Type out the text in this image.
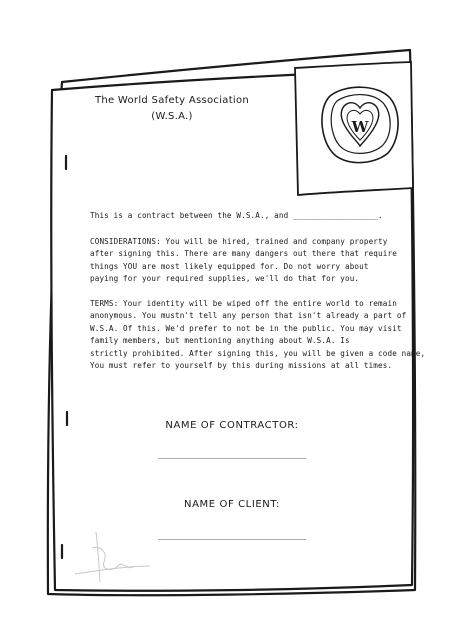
W
The World Safety Association
(W.S.A.)
This is a contract between the W.S.A., and __________________.
CONSIDERATIONS: You will be hired, trained and company property
after signing this. There are many dangers out there that require
things YOU are most likely equipped for. Do not worry about
paying for your required supplies, we'll do that for you.
TERMS: Your identity will be wiped off the entire world to remain
anonymous. You mustn't tell any person that isn't already a part of
W.S.A. Of this. We'd prefer to not be in the public. You may visit
family members, but mentioning anything about W.S.A. Is
strictly prohibited. After signing this, you will be given a code name,
You must refer to yourself by this during missions at all times.
NAME OF CONTRACTOR:
______________________________
NAME OF CLIENT:
______________________________
